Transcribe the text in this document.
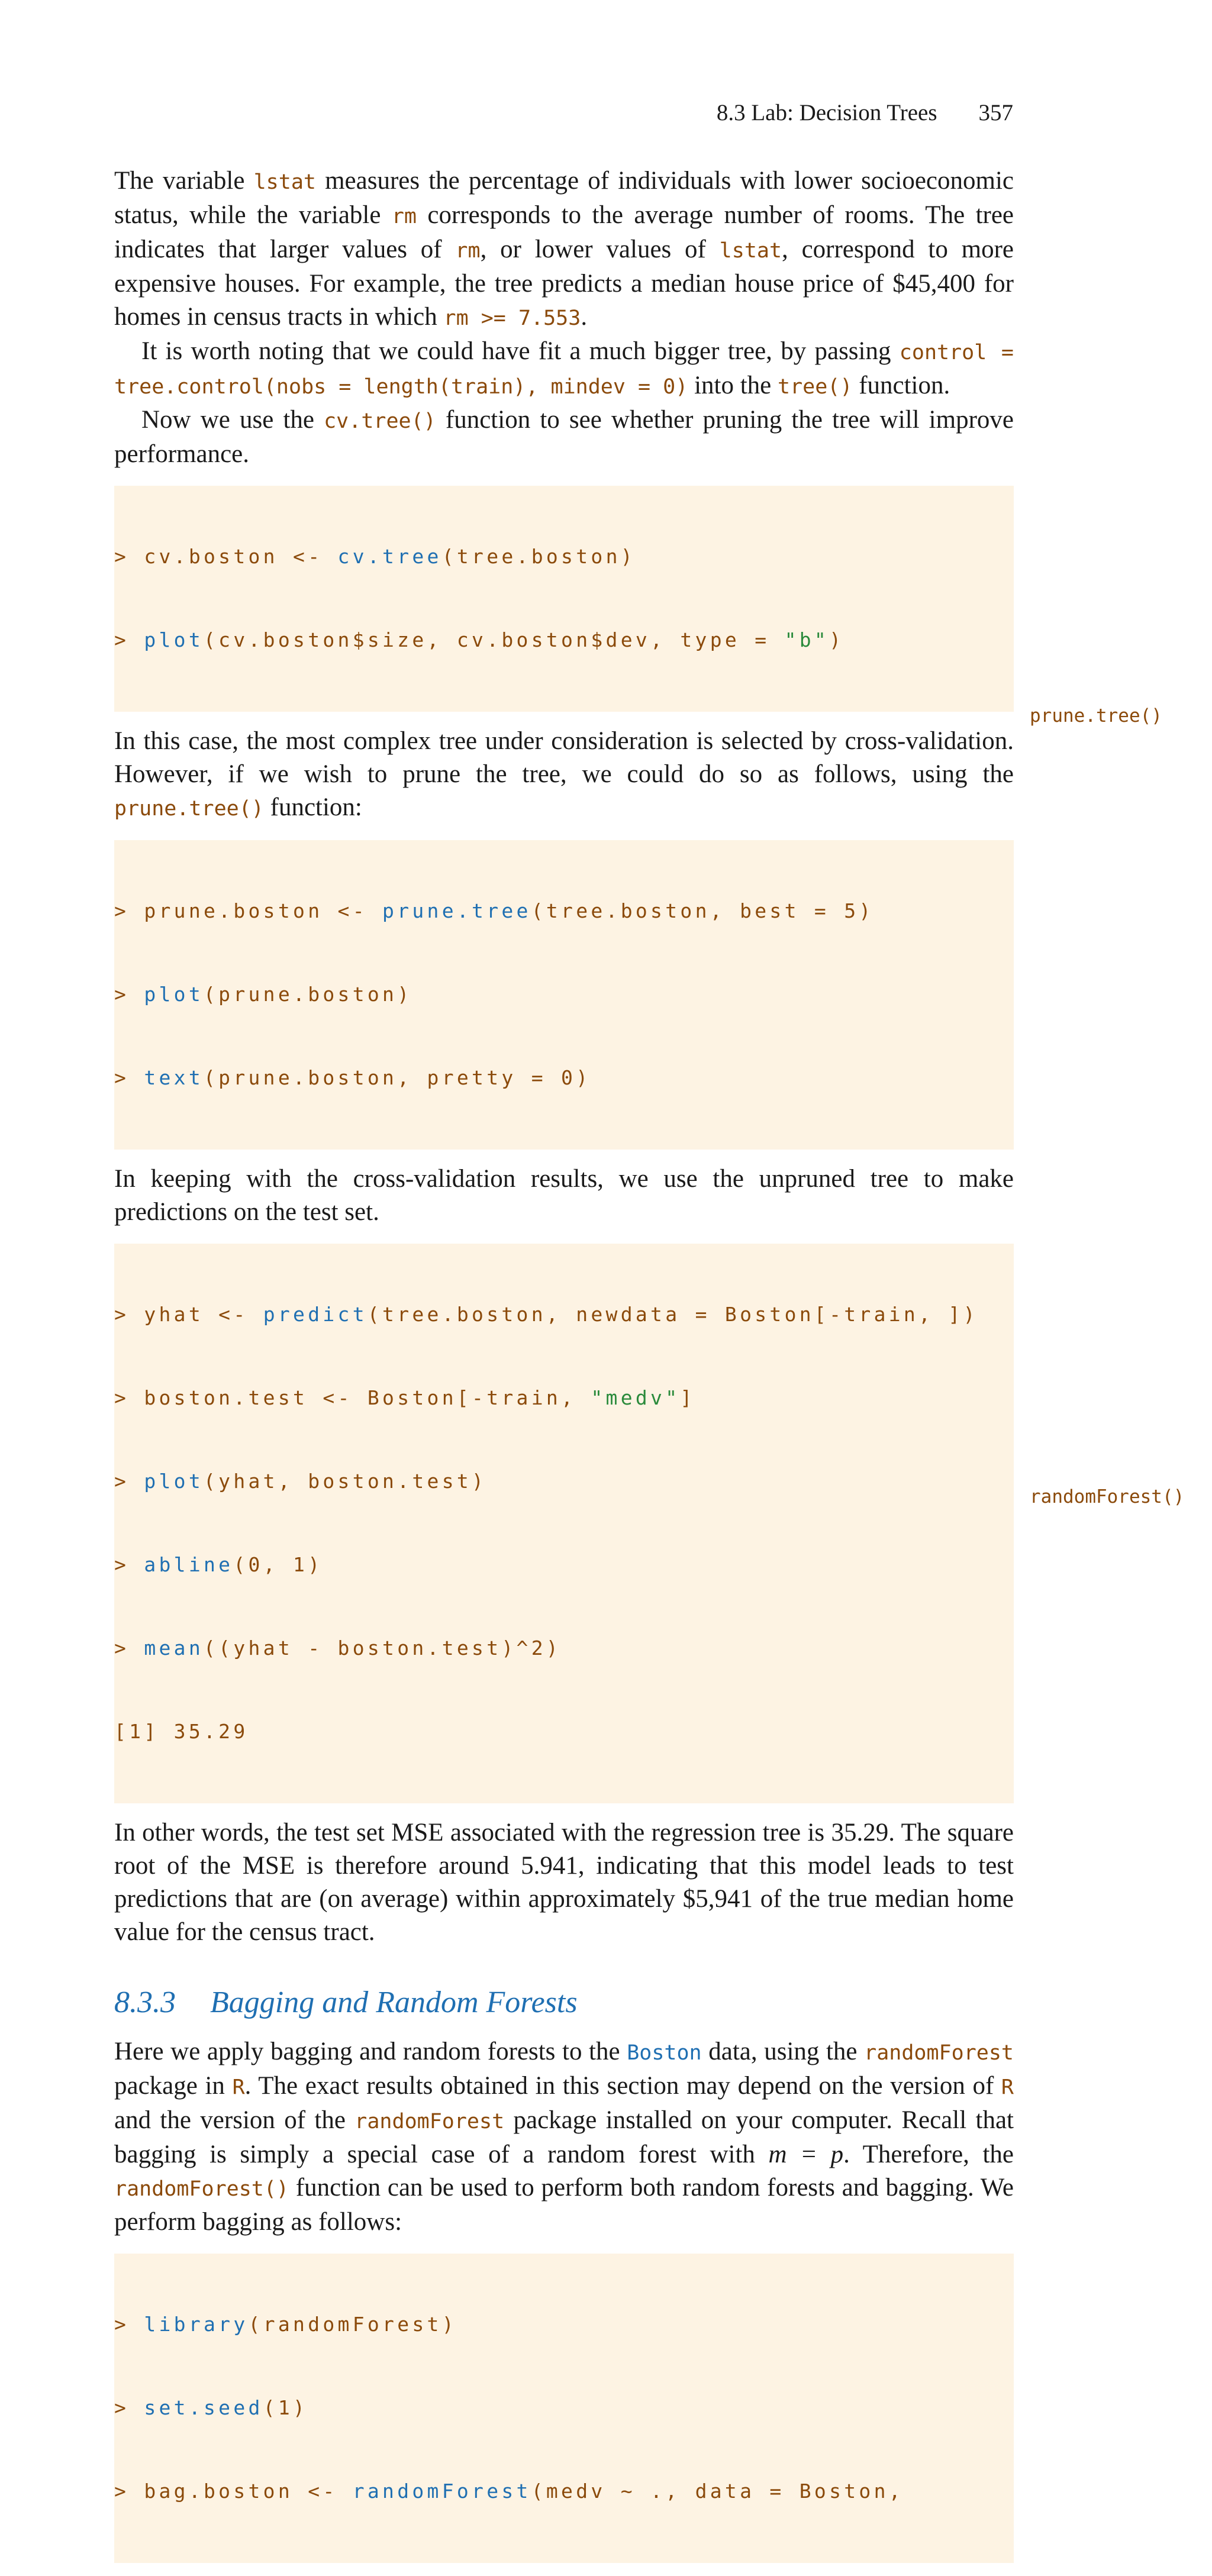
8.3 Lab: Decision Trees 357
prune.tree()
randomForest()

The variable lstat measures the percentage of individuals with lower socioeconomic status, while the variable rm corresponds to the average number of rooms. The tree indicates that larger values of rm, or lower values of lstat, correspond to more expensive houses. For example, the tree predicts a median house price of $45,400 for homes in census tracts in which rm >= 7.553.

It is worth noting that we could have fit a much bigger tree, by passing control = tree.control(nobs = length(train), mindev = 0) into the tree() function.

Now we use the cv.tree() function to see whether pruning the tree will improve performance.

> cv.boston <- cv.tree(tree.boston)

> plot(cv.boston$size, cv.boston$dev, type = "b")

In this case, the most complex tree under consideration is selected by cross-validation. However, if we wish to prune the tree, we could do so as follows, using the prune.tree() function:

> prune.boston <- prune.tree(tree.boston, best = 5)

> plot(prune.boston)

> text(prune.boston, pretty = 0)

In keeping with the cross-validation results, we use the unpruned tree to make predictions on the test set.

> yhat <- predict(tree.boston, newdata = Boston[-train, ])

> boston.test <- Boston[-train, "medv"]

> plot(yhat, boston.test)

> abline(0, 1)

> mean((yhat - boston.test)^2)

[1] 35.29

In other words, the test set MSE associated with the regression tree is 35.29. The square root of the MSE is therefore around 5.941, indicating that this model leads to test predictions that are (on average) within approximately $5,941 of the true median home value for the census tract.

8.3.3 Bagging and Random Forests

Here we apply bagging and random forests to the Boston data, using the randomForest package in R. The exact results obtained in this section may depend on the version of R and the version of the randomForest package installed on your computer. Recall that bagging is simply a special case of a random forest with m = p. Therefore, the randomForest() function can be used to perform both random forests and bagging. We perform bagging as follows:

> library(randomForest)

> set.seed(1)

> bag.boston <- randomForest(medv ~ ., data = Boston,
